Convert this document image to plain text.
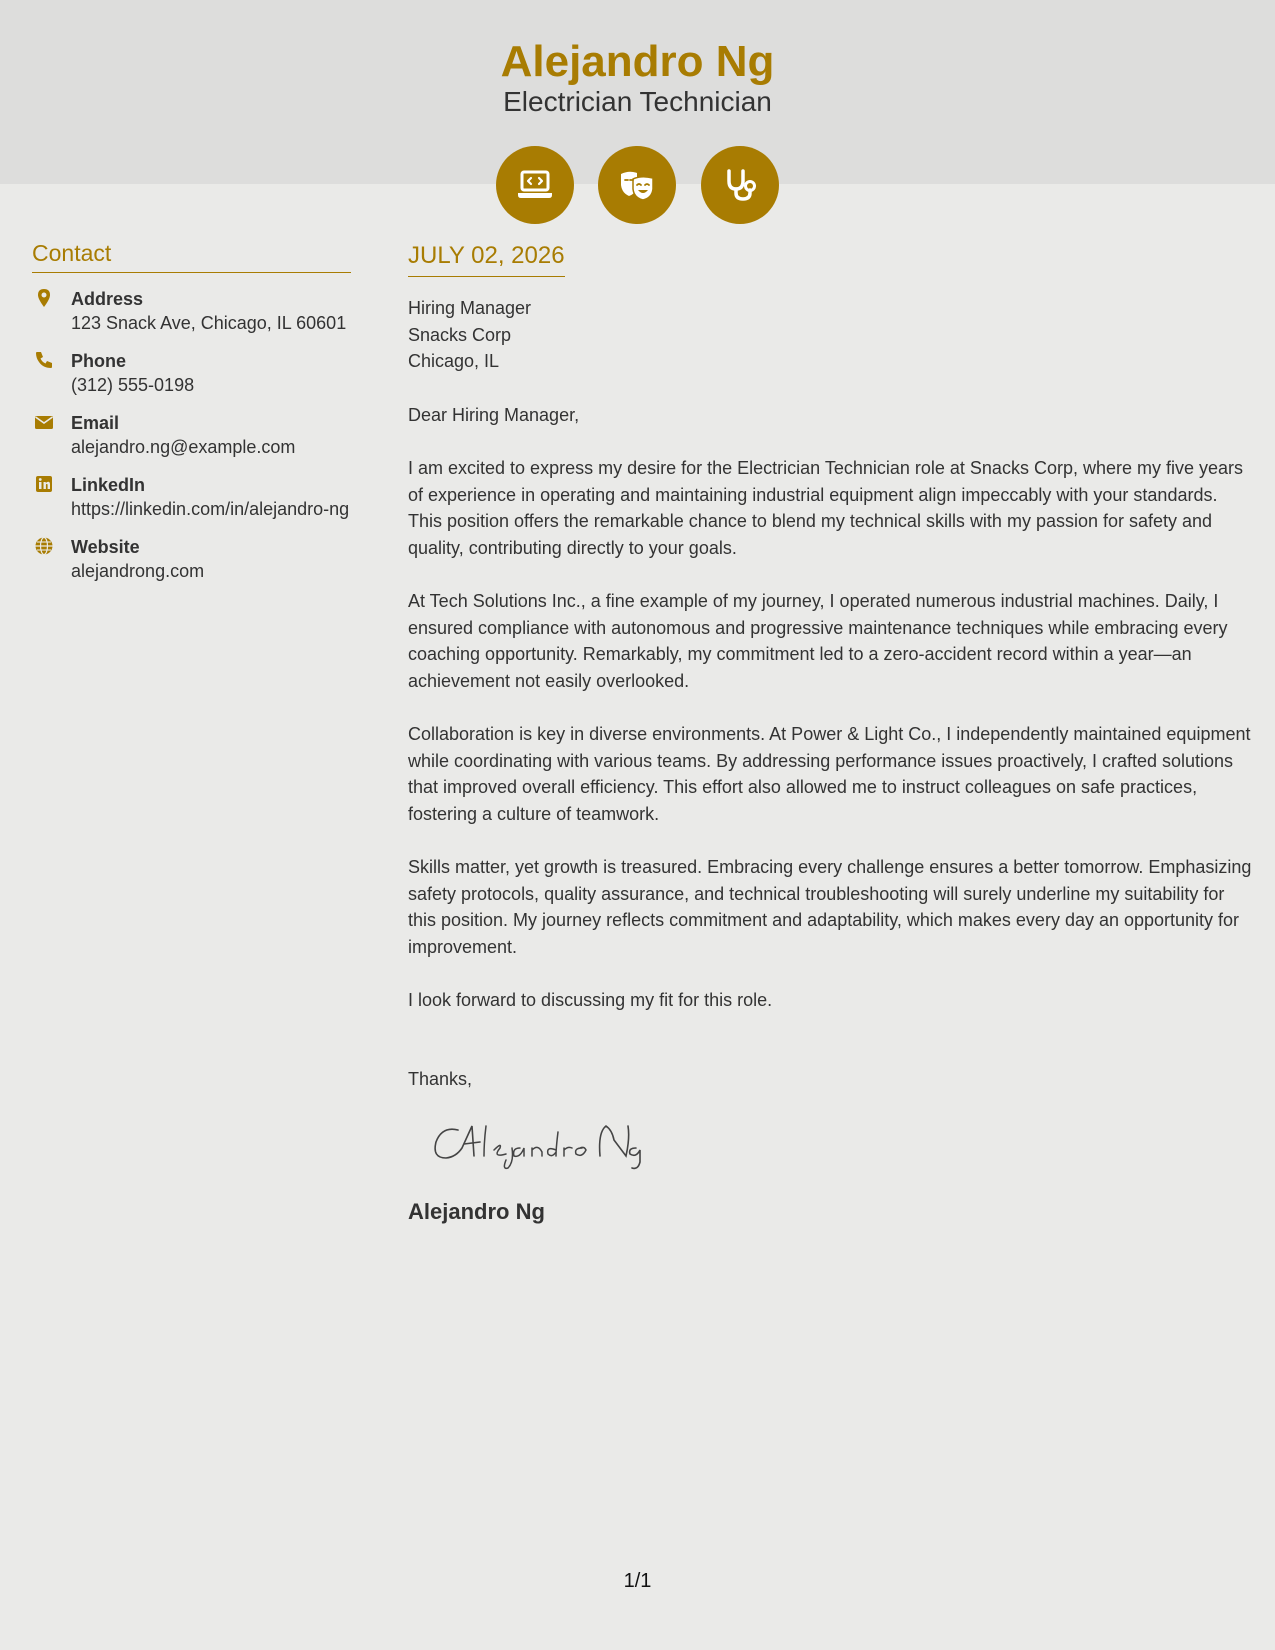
Alejandro Ng
Electrician Technician
Contact
Address
123 Snack Ave, Chicago, IL 60601
Phone
(312) 555-0198
Email
alejandro.ng@example.com
LinkedIn
https://linkedin.com/in/alejandro-ng
Website
alejandrong.com
JULY 02, 2026
Hiring Manager
Snacks Corp
Chicago, IL
Dear Hiring Manager,
I am excited to express my desire for the Electrician Technician role at Snacks Corp, where my five years of experience in operating and maintaining industrial equipment align impeccably with your standards. This position offers the remarkable chance to blend my technical skills with my passion for safety and quality, contributing directly to your goals.
At Tech Solutions Inc., a fine example of my journey, I operated numerous industrial machines. Daily, I ensured compliance with autonomous and progressive maintenance techniques while embracing every coaching opportunity. Remarkably, my commitment led to a zero-accident record within a year—an achievement not easily overlooked.
Collaboration is key in diverse environments. At Power & Light Co., I independently maintained equipment while coordinating with various teams. By addressing performance issues proactively, I crafted solutions that improved overall efficiency. This effort also allowed me to instruct colleagues on safe practices, fostering a culture of teamwork.
Skills matter, yet growth is treasured. Embracing every challenge ensures a better tomorrow. Emphasizing safety protocols, quality assurance, and technical troubleshooting will surely underline my suitability for this position. My journey reflects commitment and adaptability, which makes every day an opportunity for improvement.
I look forward to discussing my fit for this role.
Thanks,
Alejandro Ng
1/1
